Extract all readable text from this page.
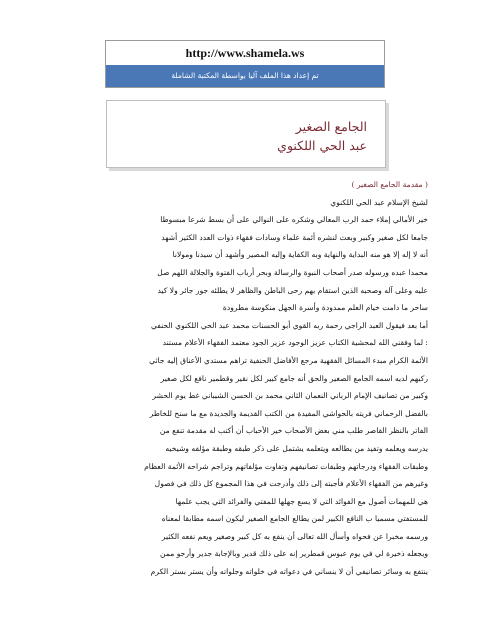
http://www.shamela.ws
تم إعداد هذا الملف آليا بواسطة المكتبة الشاملة
الجامع الصغير
عبد الحي اللكنوي
( مقدمة الجامع الصغير )
لشيخ الإسلام عبد الحي اللكنوي
خير الأمالي إملاء حمد الرب المعالي وشكره على النوالي على أن بسط شرعا مبسوطا
جامعا لكل صغير وكبير وبعث لنشره أئمة علماء وسادات فقهاء ذوات العدد الكثير أشهد
أنه لا إله إلا هو منه البداية والنهاية وبه الكفاية وإليه المصير وأشهد أن سيدنا ومولانا
محمدا عبده ورسوله صدر أصحاب النبوة والرسالة وبحر أرباب الفتوة والجلالة اللهم صل
عليه وعلى آله وصحبه الذين استقام بهم رحى الباطن والظاهر لا يطلئه جور جائر ولا كيد
ساحر ما دامت خيام العلم ممدودة وأسرة الجهل منكوسة مطرودة
أما بعد فيقول العبد الراجي رحمة ربه القوي أبو الحسنات محمد عبد الحي اللكنوي الحنفي
: لما وفقني الله لمحشية الكتاب عزيز الوجود عزير الجود معتمد الفقهاء الأعلام مستند
الأئمة الكرام مبدء المسائل الفقهية مرجع الأفاضل الحنفية تراهم مستدي الأعناق إليه جاثي
ركبهم لديه اسمه الجامع الصغير والحق أنه جامع كبير لكل نقير وقطمير نافع لكل صغير
وكبير من تصانيف الإمام الرباني النعمان الثاني محمد بن الحسن الشيباني غط يوم الحشر
بالفضل الرحماني فريته بالحواشي المفيدة من الكتب القديمة والجديدة مع ما سنح للخاطر
الفاتر بالنظر القاصر طلب مني بعض الأصحاب خير الأحباب أن أكتب له مقدمة تنفع من
يدرسه ويعلمه وتفيد من يطالعه ويتعلمه يشتمل على ذكر طبقه وطبقة مؤلفه وشيخيه
وطبقات الفقهاء ودرجاتهم وطبقات تصانيفهم وتفاوت مؤلفاتهم وتراجم شراحه الأئمة العظام
وغيرهم من الفقهاء الأعلام فأجبته إلى ذلك وأدرجت في هذا المجموع كل ذلك في فصول
هي للمهمات أصول مع الفوائد التي لا يسع جهلها للمفتي والفرائد التي يجب علمها
للمستفتي مسميا ب النافع الكبير لمن يطالع الجامع الصغير ليكون اسمه مطابقا لمعناه
ورسمه مخبرا عن فحواه وأسأل الله تعالى أن ينفع به كل كبير وصغير ويعم نفعه الكثير
ويجعله ذخيرة لي في يوم عبوس قمطرير إنه على ذلك قدير وبالإجابة جدير وأرجو ممن
ينتفع به وسائر تصانيفي أن لا ينساني في دعواته في خلواته وجلواته وأن يستر بستر الكرم
